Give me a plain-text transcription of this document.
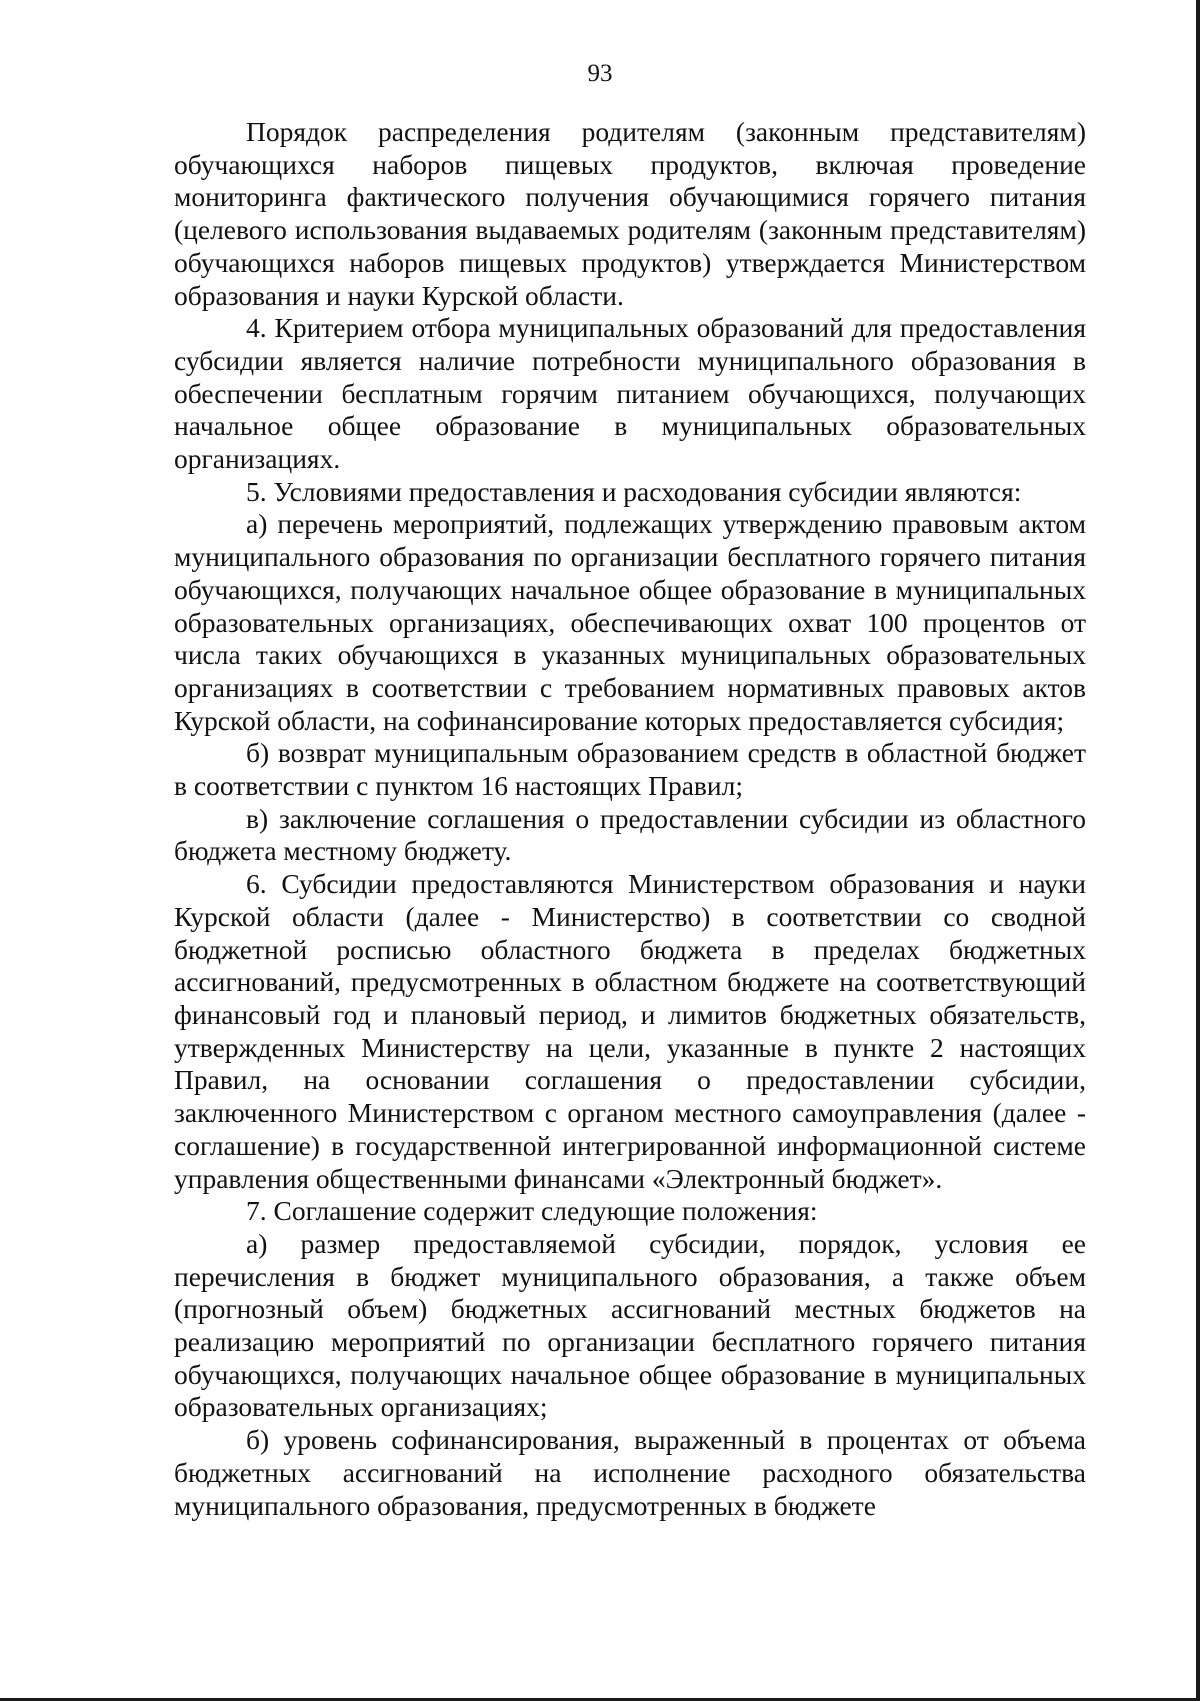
93

Порядок распределения родителям (законным представителям) обучающихся наборов пищевых продуктов, включая проведение мониторинга фактического получения обучающимися горячего питания (целевого использования выдаваемых родителям (законным представителям) обучающихся наборов пищевых продуктов) утверждается Министерством образования и науки Курской области.

4. Критерием отбора муниципальных образований для предоставления субсидии является наличие потребности муниципального образования в обеспечении бесплатным горячим питанием обучающихся, получающих начальное общее образование в муниципальных образовательных организациях.

5. Условиями предоставления и расходования субсидии являются:

а) перечень мероприятий, подлежащих утверждению правовым актом муниципального образования по организации бесплатного горячего питания обучающихся, получающих начальное общее образование в муниципальных образовательных организациях, обеспечивающих охват 100 процентов от числа таких обучающихся в указанных муниципальных образовательных организациях в соответствии с требованием нормативных правовых актов Курской области, на софинансирование которых предоставляется субсидия;

б) возврат муниципальным образованием средств в областной бюджет в соответствии с пунктом 16 настоящих Правил;

в) заключение соглашения о предоставлении субсидии из областного бюджета местному бюджету.

6. Субсидии предоставляются Министерством образования и науки Курской области (далее - Министерство) в соответствии со сводной бюджетной росписью областного бюджета в пределах бюджетных ассигнований, предусмотренных в областном бюджете на соответствующий финансовый год и плановый период, и лимитов бюджетных обязательств, утвержденных Министерству на цели, указанные в пункте 2 настоящих Правил, на основании соглашения о предоставлении субсидии, заключенного Министерством с органом местного самоуправления (далее - соглашение) в государственной интегрированной информационной системе управления общественными финансами «Электронный бюджет».

7. Соглашение содержит следующие положения:

а) размер предоставляемой субсидии, порядок, условия ее перечисления в бюджет муниципального образования, а также объем (прогнозный объем) бюджетных ассигнований местных бюджетов на реализацию мероприятий по организации бесплатного горячего питания обучающихся, получающих начальное общее образование в муниципальных образовательных организациях;

б) уровень софинансирования, выраженный в процентах от объема бюджетных ассигнований на исполнение расходного обязательства муниципального образования, предусмотренных в бюджете
